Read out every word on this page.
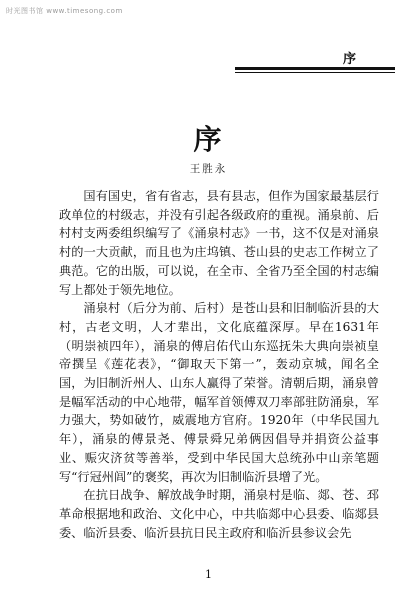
时光图书馆 www.timesong.com
序
序
王胜永

国有国史，省有省志，县有县志，但作为国家最基层行政单位的村级志，并没有引起各级政府的重视。涌泉前、后村村支两委组织编写了《涌泉村志》一书，这不仅是对涌泉村的一大贡献，而且也为庄坞镇、苍山县的史志工作树立了典范。它的出版，可以说，在全市、全省乃至全国的村志编写上都处于领先地位。

涌泉村（后分为前、后村）是苍山县和旧制临沂县的大村，古老文明，人才辈出，文化底蕴深厚。早在1631年（明崇祯四年），涌泉的傅启佑代山东巡抚朱大典向崇祯皇帝撰呈《莲花表》，“御取天下第一”，轰动京城，闻名全国，为旧制沂州人、山东人赢得了荣誉。清朝后期，涌泉曾是幅军活动的中心地带，幅军首领傅双刀率部驻防涌泉，军力强大，势如破竹，威震地方官府。1920年（中华民国九年），涌泉的傅景尧、傅景舜兄弟俩因倡导并捐资公益事业、赈灾济贫等善举，受到中华民国大总统孙中山亲笔题写“行冠州闾”的褒奖，再次为旧制临沂县增了光。

在抗日战争、解放战争时期，涌泉村是临、郯、苍、邳革命根据地和政治、文化中心，中共临郯中心县委、临郯县委、临沂县委、临沂县抗日民主政府和临沂县参议会先

1
